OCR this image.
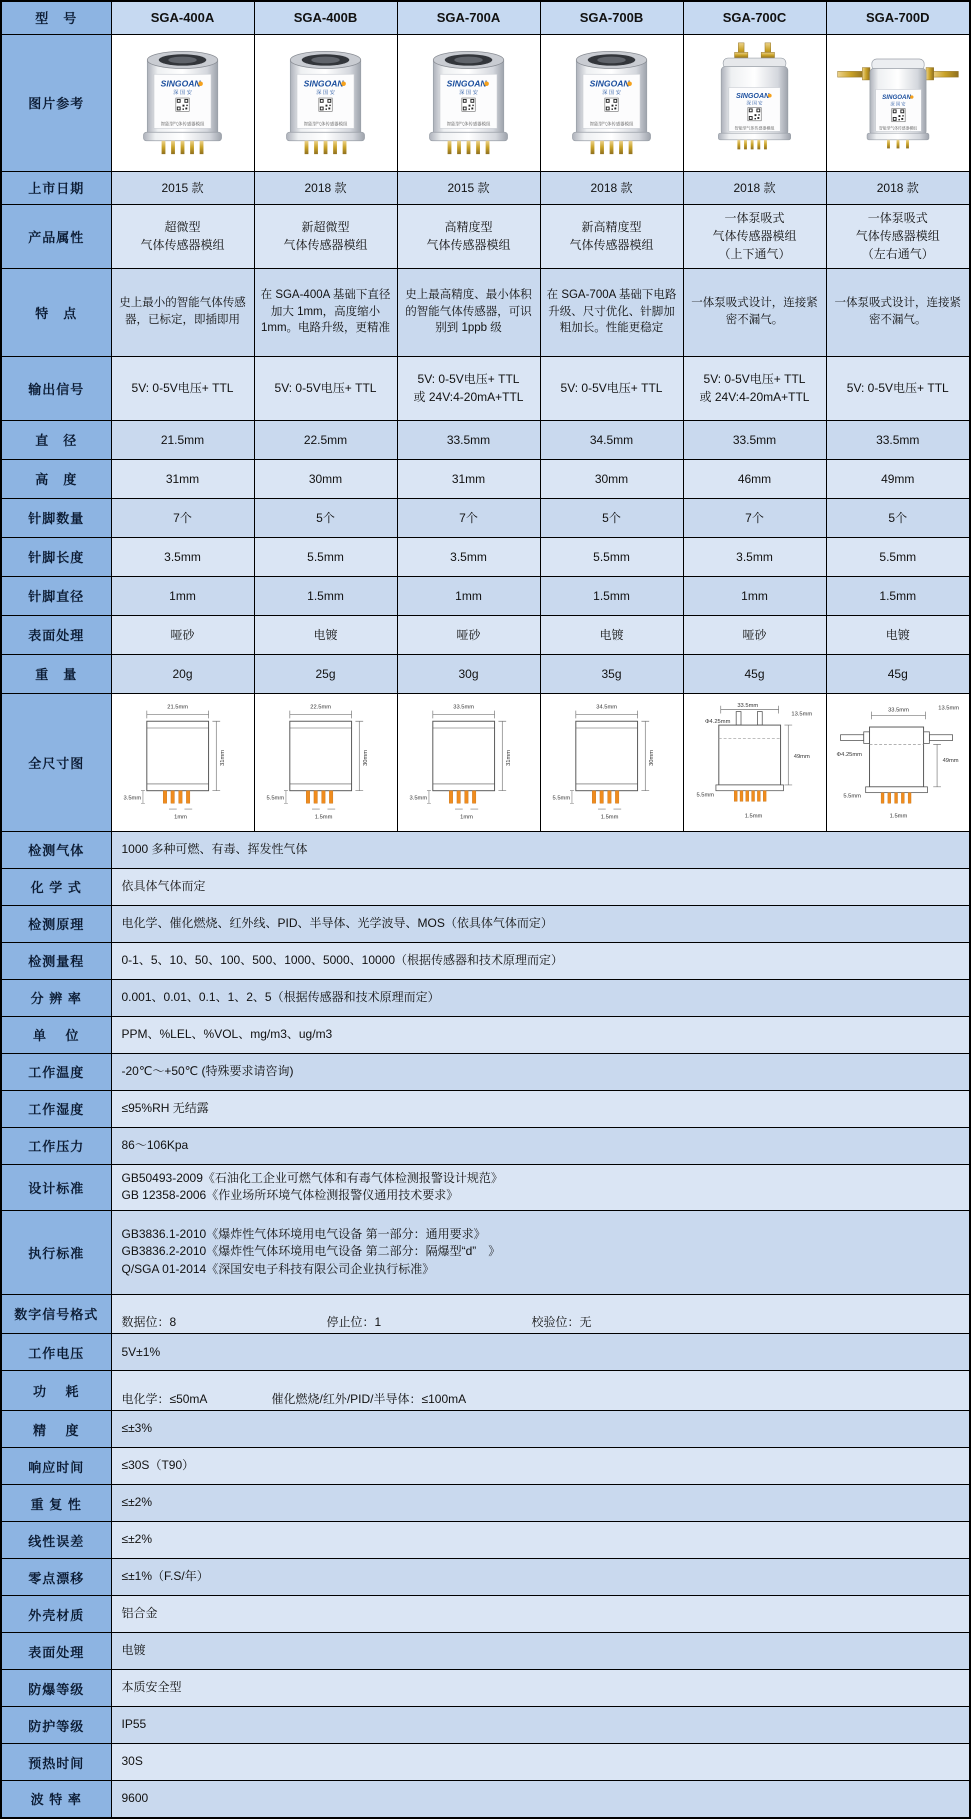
型　号	SGA-400A	SGA-400B	SGA-700A	SGA-700B	SGA-700C	SGA-700D
图片参考	

上市日期	2015 款	2018 款	2015 款	2018 款	2018 款	2018 款
产品属性	超微型
气体传感器模组	新超微型
气体传感器模组	高精度型
气体传感器模组	新高精度型
气体传感器模组	一体泵吸式
气体传感器模组
（上下通气）	一体泵吸式
气体传感器模组
（左右通气）
特　点	史上最小的智能气体传感器，已标定，即插即用	在 SGA-400A 基础下直径加大 1mm，高度缩小 1mm。电路升级，更精准	史上最高精度、最小体积的智能气体传感器，可识别到 1ppb 级	在 SGA-700A 基础下电路升级、尺寸优化、针脚加粗加长。性能更稳定	一体泵吸式设计，连接紧密不漏气。	一体泵吸式设计，连接紧密不漏气。
输出信号	5V: 0-5V电压+ TTL	5V: 0-5V电压+ TTL	5V: 0-5V电压+ TTL
或 24V:4-20mA+TTL	5V: 0-5V电压+ TTL	5V: 0-5V电压+ TTL
或 24V:4-20mA+TTL	5V: 0-5V电压+ TTL
直　径	21.5mm	22.5mm	33.5mm	34.5mm	33.5mm	33.5mm
高　度	31mm	30mm	31mm	30mm	46mm	49mm
针脚数量	7个	5个	7个	5个	7个	5个
针脚长度	3.5mm	5.5mm	3.5mm	5.5mm	3.5mm	5.5mm
针脚直径	1mm	1.5mm	1mm	1.5mm	1mm	1.5mm
表面处理	哑砂	电镀	哑砂	电镀	哑砂	电镀
重　量	20g	25g	30g	35g	45g	45g
全尺寸图	
21.5mm
31mm
3.5mm
1mm

22.5mm
30mm
5.5mm
1.5mm

33.5mm
31mm
3.5mm
1mm

34.5mm
30mm
5.5mm
1.5mm

33.5mm
Φ4.25mm
13.5mm
49mm
5.5mm
1.5mm

33.5mm	13.5mm
Φ4.25mm
49mm
5.5mm
1.5mm

检测气体	1000 多种可燃、有毒、挥发性气体					
化 学 式	依具体气体而定					
检测原理	电化学、催化燃烧、红外线、PID、半导体、光学波导、MOS（依具体气体而定）					
检测量程	0-1、5、10、50、100、500、1000、5000、10000（根据传感器和技术原理而定）					
分 辨 率	0.001、0.01、0.1、1、2、5（根据传感器和技术原理而定）					
单　 位	PPM、%LEL、%VOL、mg/m3、ug/m3					
工作温度	-20℃～+50℃ (特殊要求请咨询)					
工作湿度	≤95%RH 无结露					
工作压力	86～106Kpa					
设计标准	GB50493-2009《石油化工企业可燃气体和有毒气体检测报警设计规范》
GB 12358-2006《作业场所环境气体检测报警仪通用技术要求》					
执行标准	GB3836.1-2010《爆炸性气体环境用电气设备 第一部分：通用要求》
GB3836.2-2010《爆炸性气体环境用电气设备 第二部分：隔爆型“d”　》
Q/SGA 01-2014《深国安电子科技有限公司企业执行标准》					
数字信号格式	数据位：8 停止位：1 校验位：无					

工作电压	5V±1%					
功　 耗	电化学：≤50mA 催化燃烧/红外/PID/半导体：≤100mA					

精　 度	≤±3%					
响应时间	≤30S（T90）					
重 复 性	≤±2%					
线性误差	≤±2%					
零点漂移	≤±1%（F.S/年）					
外壳材质	铝合金					
表面处理	电镀					
防爆等级	本质安全型					
防护等级	IP55					
预热时间	30S					
波 特 率	9600					
